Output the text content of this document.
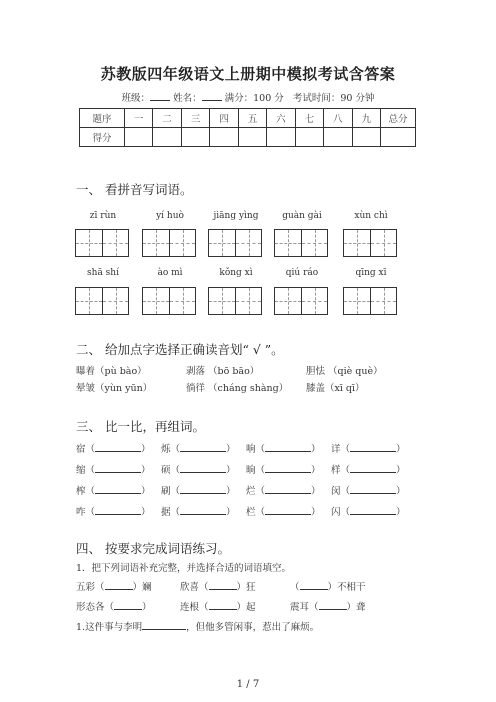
苏教版四年级语文上册期中模拟考试含答案
班级： 姓名： 满分：100 分 考试时间：90 分钟
题序	一	二	三	四	五	六	七	八	九	总分
得分										
一、 看拼音写词语。
zī rùn	yí huò	jiāng yìng	guàn gài	xùn chì
shā shí	ào mì	kǒng xì	qiú ráo	qīng xī
二、 给加点字选择正确读音划“ √ ”。
曝着（pù bào）	剥落 （bō bāo）	胆怯 （qiè què）
晕皱（yùn yūn）	徜徉 （cháng shàng） 膝盖（xī qī）
三、 比一比，再组词。
宿（	） 烁（	） 响（	） 详（	）
缩（	） 硕（	） 晌（	） 样（	）
榨（	） 刷（	） 烂（	） 闵（	）
咋（	） 据（	） 栏（	） 闪（	）
四、 按要求完成词语练习。
1．把下列词语补充完整，并选择合适的词语填空。
五彩（	）斓	欣喜（	）狂	（	）不相干
形态各（	）	连根（	）起	震耳（	）聋
1.这件事与李明	，但他多管闲事，惹出了麻烦。
1 / 7
